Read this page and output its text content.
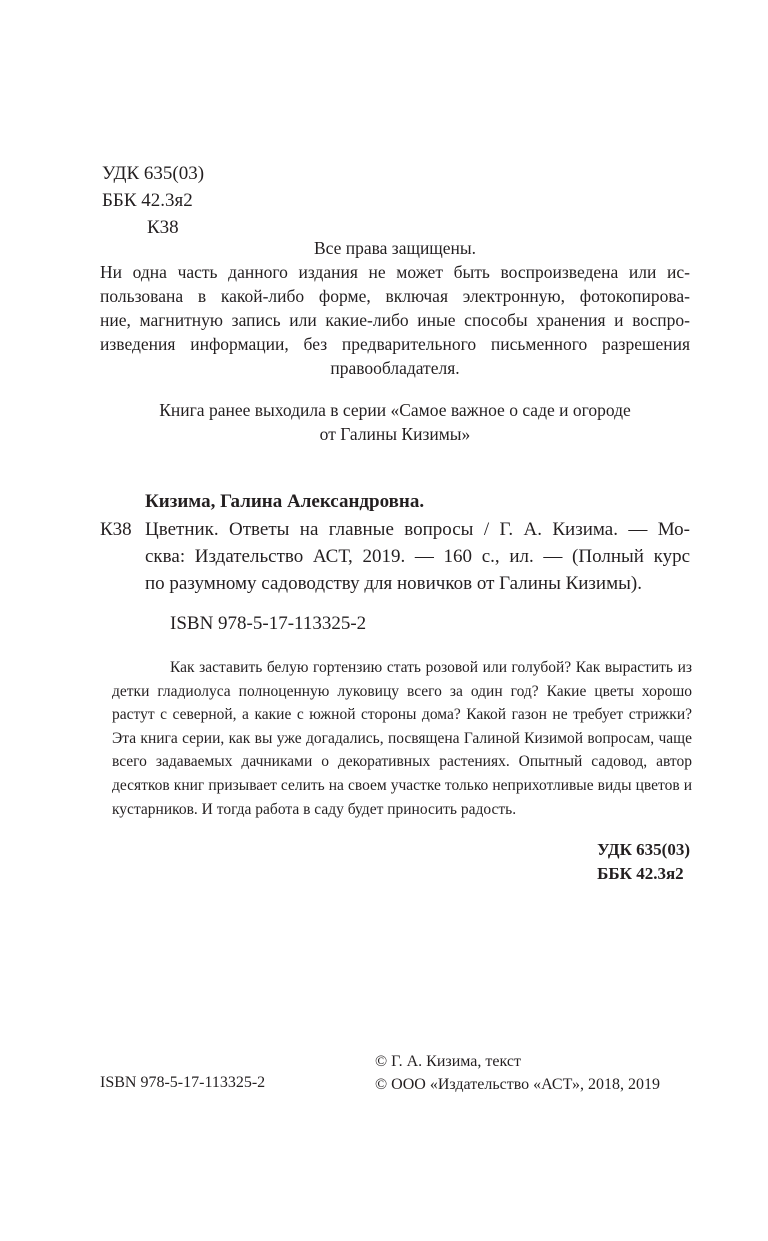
УДК 635(03)
ББК 42.3я2
К38
Все права защищены.
Ни одна часть данного издания не может быть воспроизведена или ис-
пользована в какой-либо форме, включая электронную, фотокопирова-
ние, магнитную запись или какие-либо иные способы хранения и воспро-
изведения информации, без предварительного письменного разрешения
правообладателя.
Книга ранее выходила в серии «Самое важное о саде и огороде
от Галины Кизимы»
Кизима, Галина Александровна.
К38 Цветник. Ответы на главные вопросы / Г. А. Кизима. — Мо-
сква: Издательство АСТ, 2019. — 160 с., ил. — (Полный курс
по разумному садоводству для новичков от Галины Кизимы).
ISBN 978-5-17-113325-2
Как заставить белую гортензию стать розовой или голубой? Как вырастить из детки гладиолуса полноценную луковицу всего за один год? Какие цветы хорошо растут с северной, а какие с южной стороны дома? Какой газон не требует стрижки? Эта книга серии, как вы уже догадались, посвящена Галиной Кизимой вопросам, чаще всего задаваемых дачниками о декоративных растениях. Опытный садовод, автор десятков книг призывает селить на своем участке только неприхотливые виды цветов и кустарников. И тогда работа в саду будет приносить радость.
УДК 635(03)
ББК 42.3я2
ISBN 978-5-17-113325-2
© Г. А. Кизима, текст
© ООО «Издательство «АСТ», 2018, 2019
